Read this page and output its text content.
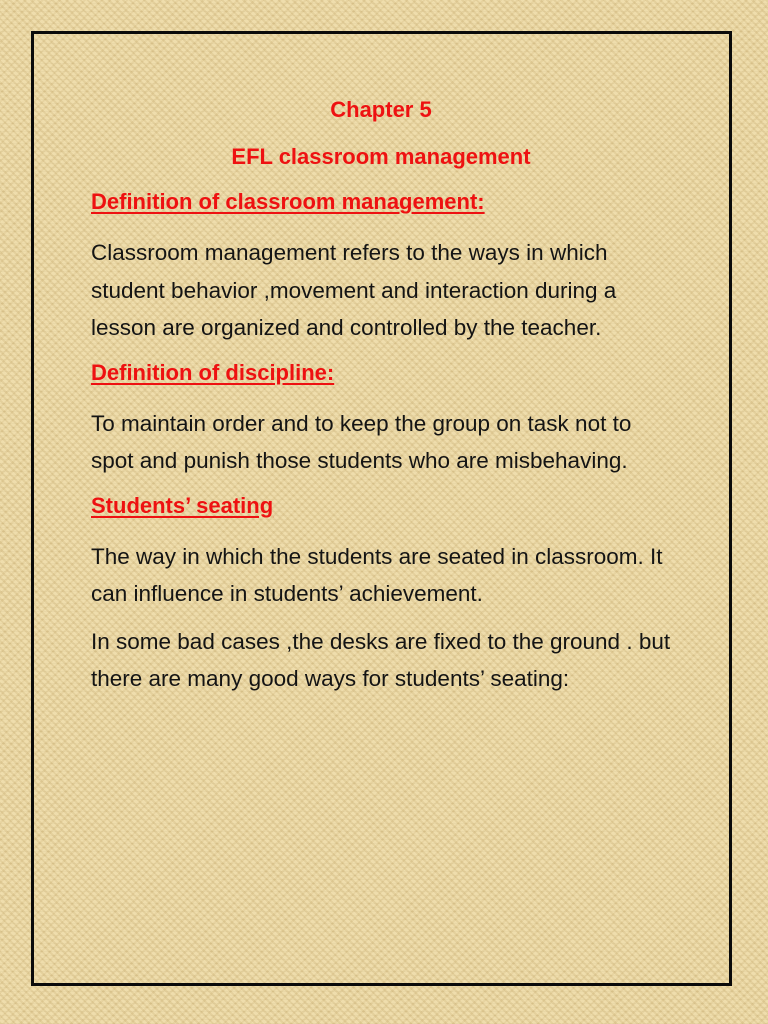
Chapter 5
EFL classroom management
Definition of classroom management:

Classroom management refers to the ways in which student behavior ,movement and interaction during a lesson are organized and controlled by the teacher.

Definition of discipline:

To maintain order and to keep the group on task not to spot and punish those students who are misbehaving.

Students’ seating

The way in which the students are seated in classroom. It can influence in students’ achievement.

In some bad cases ,the desks are fixed to the ground . but there are many good ways for students’ seating:
